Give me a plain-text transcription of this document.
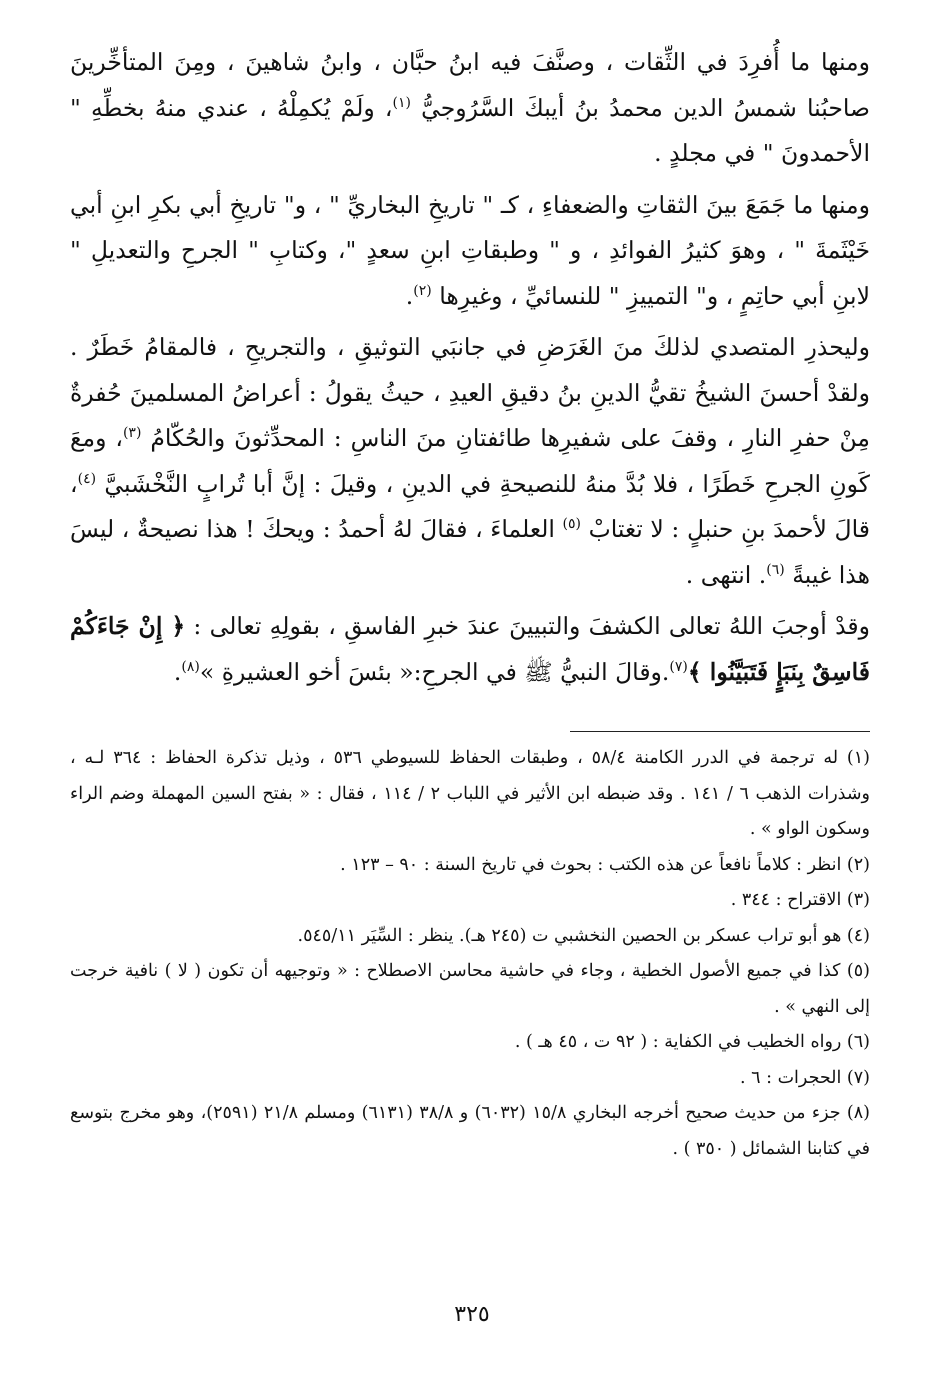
ومنها ما أُفرِدَ في الثِّقات ، وصنَّفَ فيه ابنُ حبَّان ، وابنُ شاهينَ ، ومِنَ المتأخِّرينَ صاحبُنا شمسُ الدين محمدُ بنُ أيبكَ السَّرُوجيُّ $^{(١)}$، ولَمْ يُكمِلْهُ ، عندي منهُ بخطِّهِ " الأحمدونَ " في مجلدٍ .

ومنها ما جَمَعَ بينَ الثقاتِ والضعفاءِ ، كـ " تاريخِ البخاريِّ " ، و" تاريخِ أبي بكرِ ابنِ أبي خَيْثَمةَ " ، وهوَ كثيرُ الفوائدِ ، و " وطبقاتِ ابنِ سعدٍ "، وكتابِ " الجرحِ والتعديلِ " لابنِ أبي حاتِمٍ ، و" التمييزِ " للنسائيِّ ، وغيرِها $^{(٢)}$.

وليحذرِ المتصدي لذلكَ منَ الغَرَضِ في جانبَي التوثيقِ ، والتجريحِ ، فالمقامُ خَطَرٌ . ولقدْ أحسنَ الشيخُ تقيُّ الدينِ بنُ دقيقِ العيدِ ، حيثُ يقولُ : أعراضُ المسلمينَ حُفرةٌ مِنْ حفرِ النارِ ، وقفَ على شفيرِها طائفتانِ منَ الناسِ : المحدِّثونَ والحُكّامُ $^{(٣)}$، ومعَ كَونِ الجرحِ خَطَرًا ، فلا بُدَّ منهُ للنصيحةِ في الدينِ ، وقيلَ : إنَّ أبا تُرابٍ النَّخْشَبيَّ $^{(٤)}$، قالَ لأحمدَ بنِ حنبلٍ : لا تغتابْ $^{(٥)}$ العلماءَ ، فقالَ لهُ أحمدُ : ويحكَ ! هذا نصيحةٌ ، ليسَ هذا غيبةً $^{(٦)}$. انتهى .

وقدْ أوجبَ اللهُ تعالى الكشفَ والتبيينَ عندَ خبرِ الفاسقِ ، بقولِهِ تعالى : ﴿ إِنْ جَاءَكُمْ فَاسِقٌ بِنَبَإٍ فَتَبَيَّنُوا ﴾$^{(٧)}$.وقالَ النبيُّ ﷺ في الجرحِ:« بئسَ أخو العشيرةِ »$^{(٨)}$.

(١) له ترجمة في الدرر الكامنة ٥٨/٤ ، وطبقات الحفاظ للسيوطي ٥٣٦ ، وذيل تذكرة الحفاظ : ٣٦٤ لـه ، وشذرات الذهب ٦ / ١٤١ . وقد ضبطه ابن الأثير في اللباب ٢ / ١١٤ ، فقال : « بفتح السين المهملة وضم الراء وسكون الواو » .

(٢) انظر : كلاماً نافعاً عن هذه الكتب : بحوث في تاريخ السنة : ٩٠ – ١٢٣ .

(٣) الاقتراح : ٣٤٤ .

(٤) هو أبو تراب عسكر بن الحصين النخشبي ت (٢٤٥ هـ). ينظر : السِّيَر ٥٤٥/١١.

(٥) كذا في جميع الأصول الخطية ، وجاء في حاشية محاسن الاصطلاح : « وتوجيهه أن تكون ( لا ) نافية خرجت إلى النهي » .

(٦) رواه الخطيب في الكفاية : ( ٩٢ ت ، ٤٥ هـ ) .

(٧) الحجرات : ٦ .

(٨) جزء من حديث صحيح أخرجه البخاري ١٥/٨ (٦٠٣٢) و ٣٨/٨ (٦١٣١) ومسلم ٢١/٨ (٢٥٩١)، وهو مخرج بتوسع في كتابنا الشمائل ( ٣٥٠ ) .

٣٢٥
